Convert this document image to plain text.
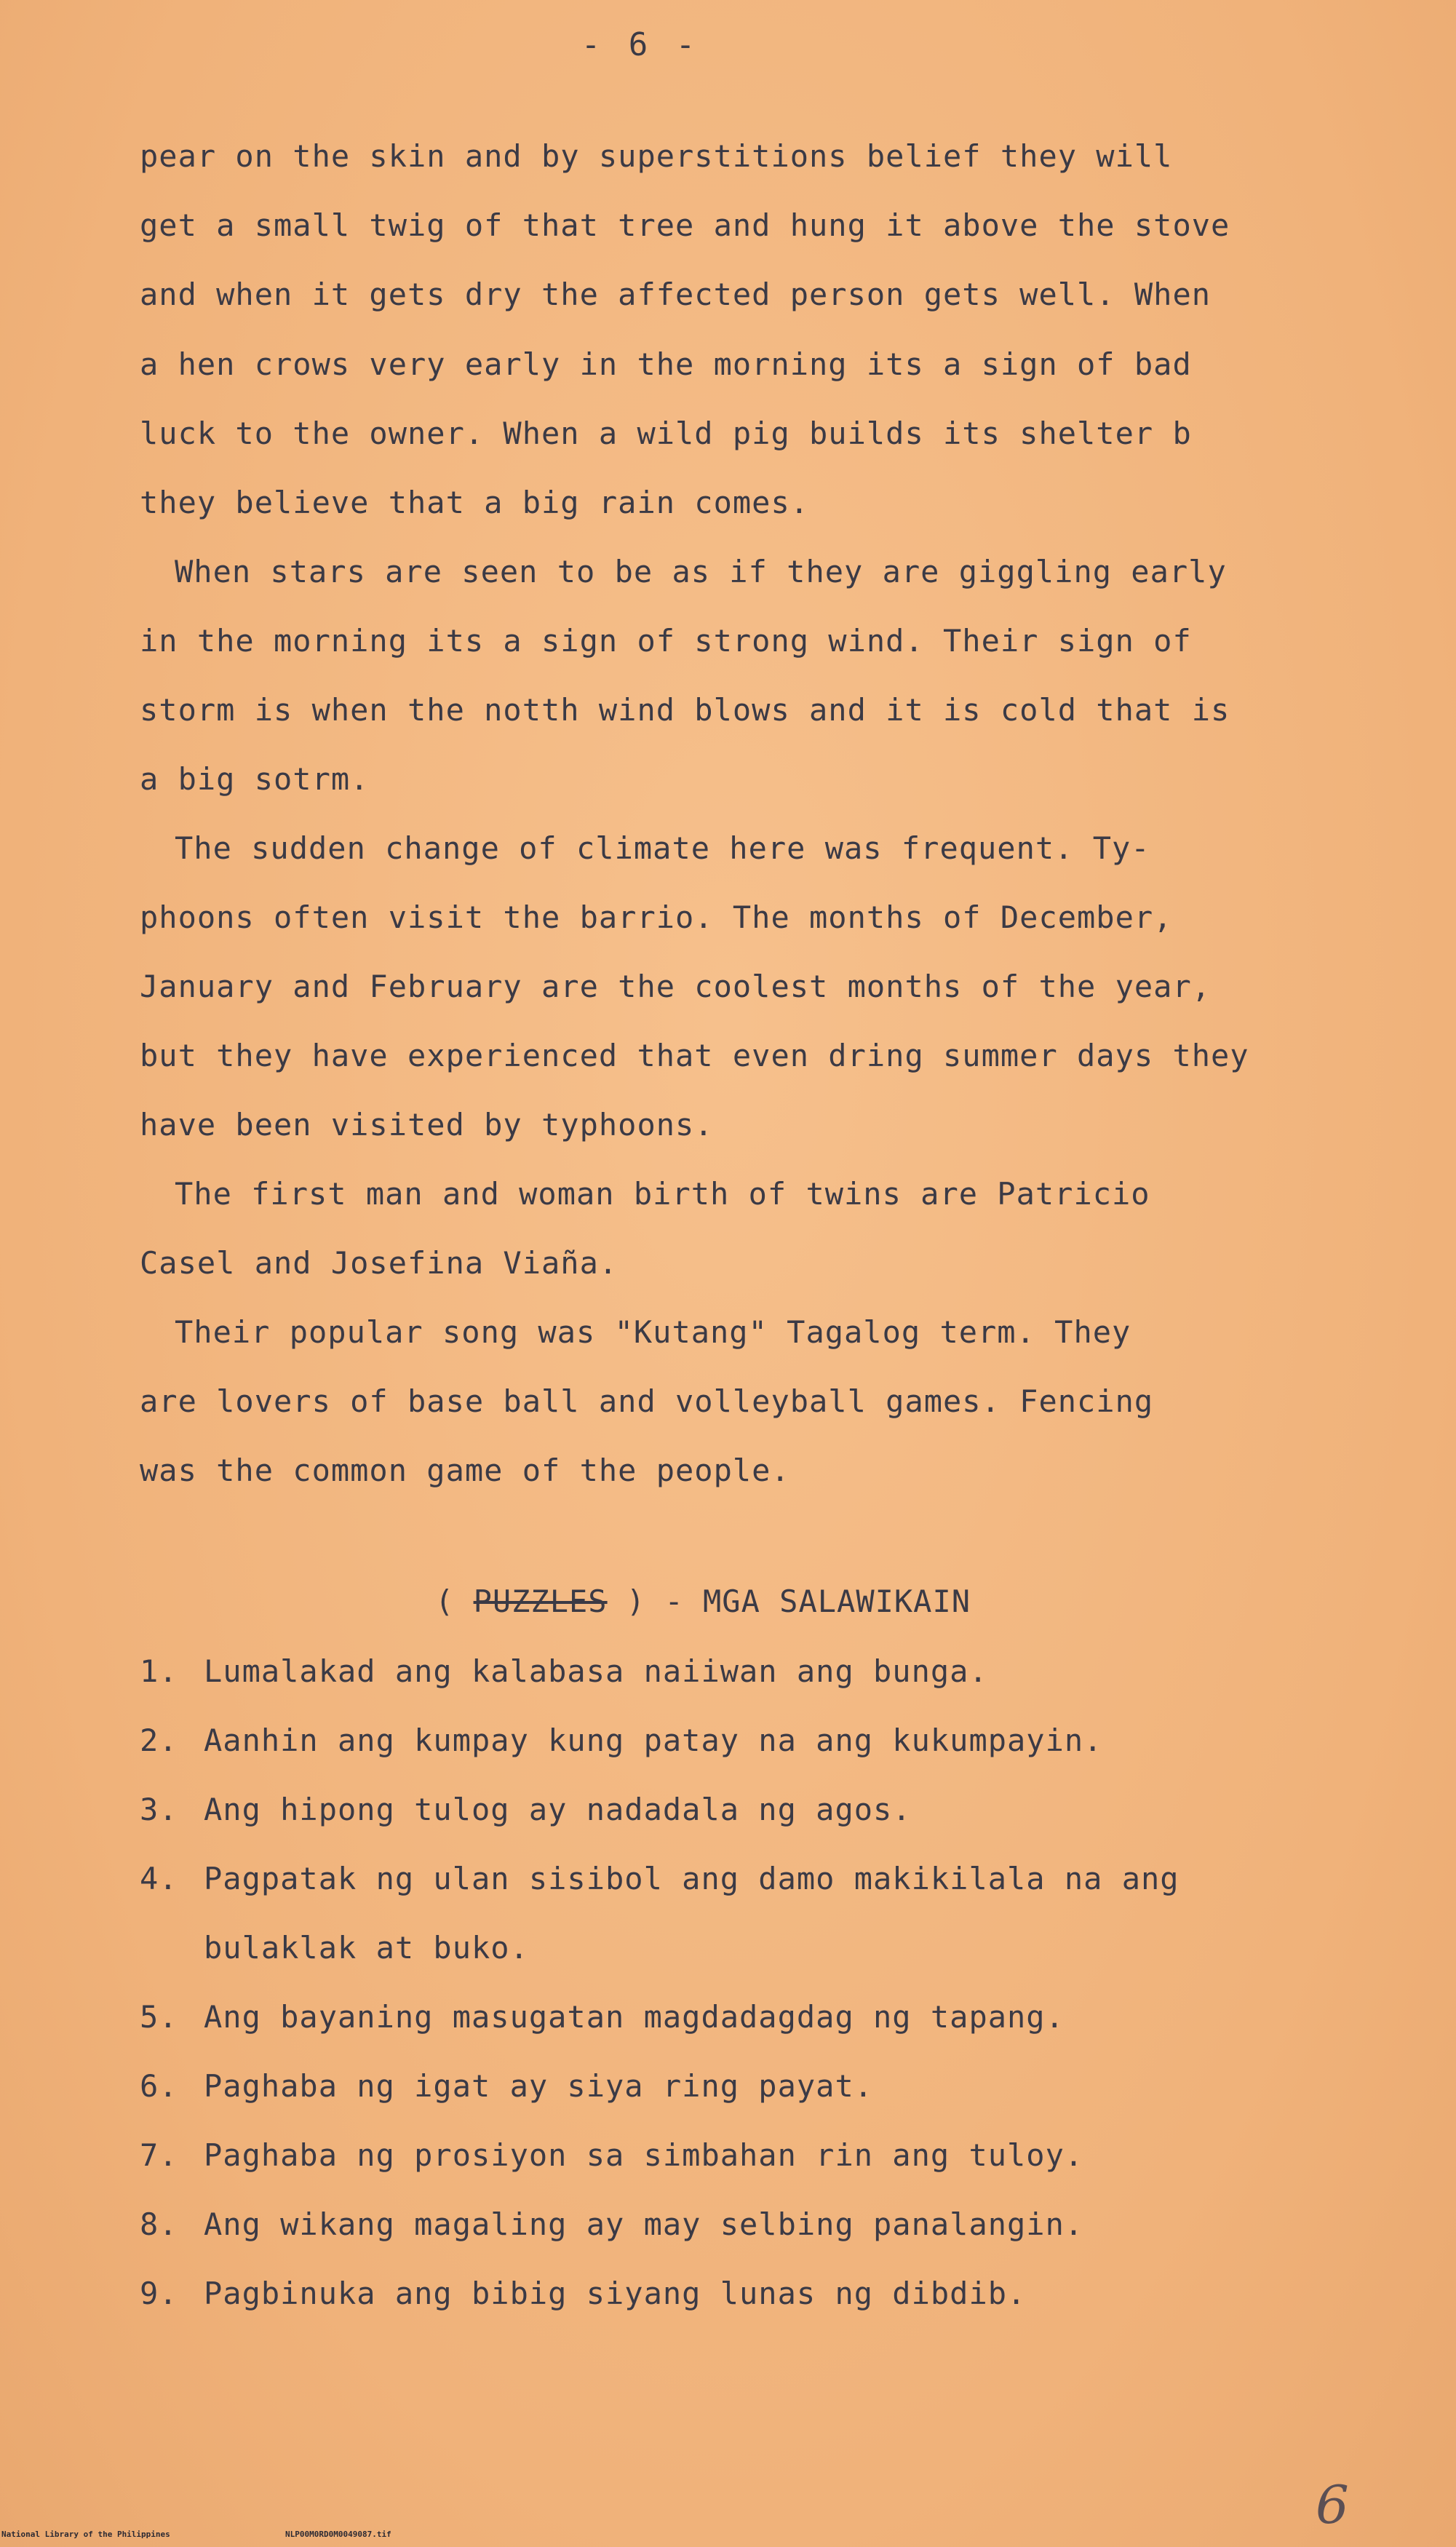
- 6 -
pear on the skin and by superstitions belief they will
get a small twig of that tree and hung it above the stove
and when it gets dry the affected person gets well. When
a hen crows very early in the morning its a sign of bad
luck to the owner. When a wild pig builds its shelter b
they believe that a big rain comes.
When stars are seen to be as if they are giggling early
in the morning its a sign of strong wind. Their sign of
storm is when the notth wind blows and it is cold that is
a big sotrm.
The sudden change of climate here was frequent. Ty-
phoons often visit the barrio. The months of December,
January and February are the coolest months of the year,
but they have experienced that even dring summer days they
have been visited by typhoons.
The first man and woman birth of twins are Patricio
Casel and Josefina Viaña.
Their popular song was "Kutang" Tagalog term. They
are lovers of base ball and volleyball games. Fencing
was the common game of the people.
( PUZZLES ) - MGA SALAWIKAIN
1. Lumalakad ang kalabasa naiiwan ang bunga.
2. Aanhin ang kumpay kung patay na ang kukumpayin.
3. Ang hipong tulog ay nadadala ng agos.
4. Pagpatak ng ulan sisibol ang damo makikilala na ang
bulaklak at buko.
5. Ang bayaning masugatan magdadagdag ng tapang.
6. Paghaba ng igat ay siya ring payat.
7. Paghaba ng prosiyon sa simbahan rin ang tuloy.
8. Ang wikang magaling ay may selbing panalangin.
9. Pagbinuka ang bibig siyang lunas ng dibdib.
6
National Library of the Philippines	NLP00M0RD0M0049087.tif
